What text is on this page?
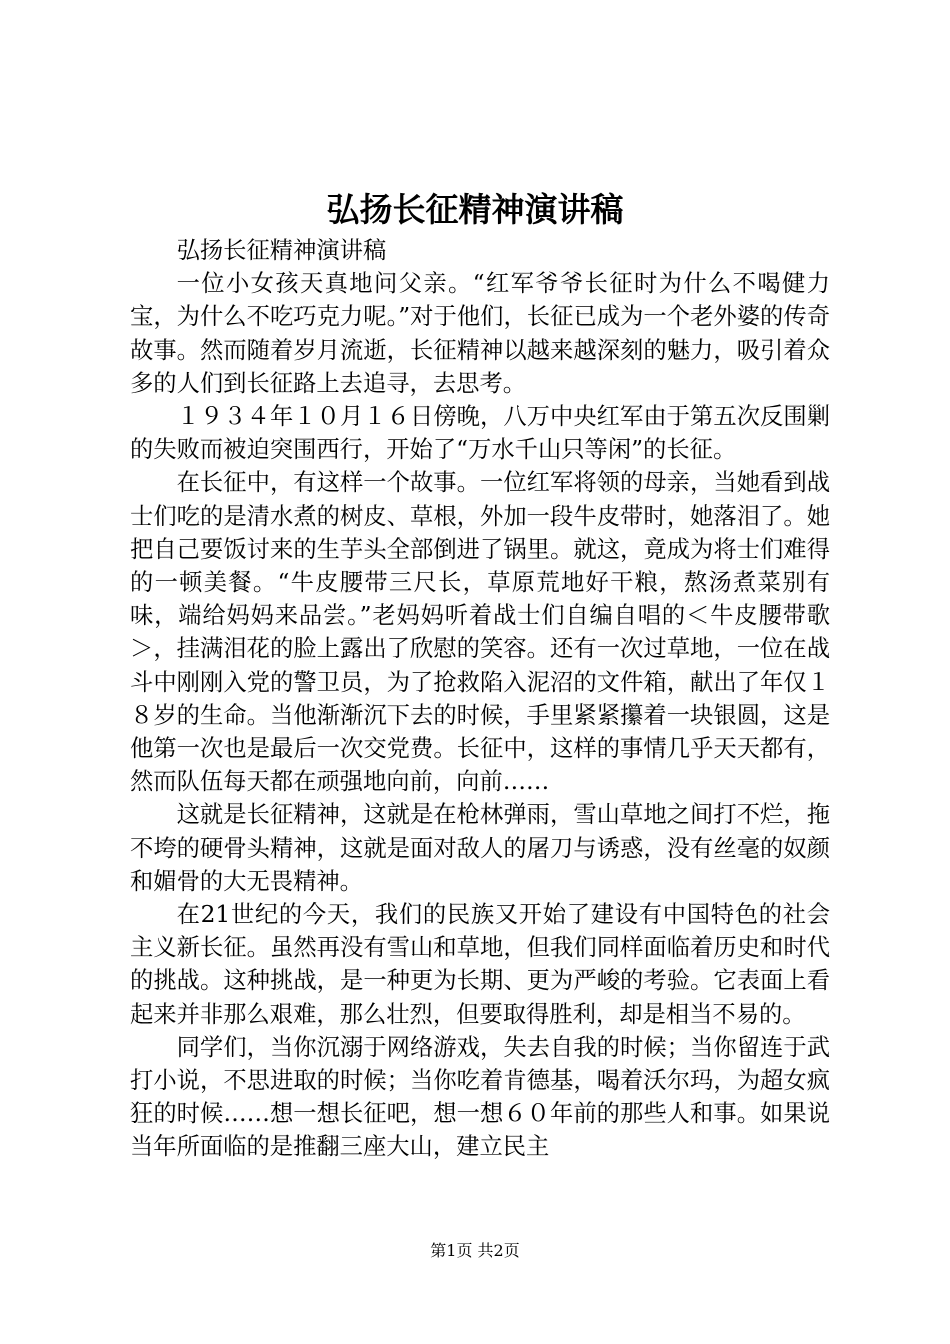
弘扬长征精神演讲稿

弘扬长征精神演讲稿

一位小女孩天真地问父亲。“红军爷爷长征时为什么不喝健力宝，为什么不吃巧克力呢。”对于他们，长征已成为一个老外婆的传奇故事。然而随着岁月流逝，长征精神以越来越深刻的魅力，吸引着众多的人们到长征路上去追寻，去思考。

１９３４年１０月１６日傍晚，八万中央红军由于第五次反围剿的失败而被迫突围西行，开始了“万水千山只等闲”的长征。

在长征中，有这样一个故事。一位红军将领的母亲，当她看到战士们吃的是清水煮的树皮、草根，外加一段牛皮带时，她落泪了。她把自己要饭讨来的生芋头全部倒进了锅里。就这，竟成为将士们难得的一顿美餐。“牛皮腰带三尺长，草原荒地好干粮，熬汤煮菜别有味，端给妈妈来品尝。”老妈妈听着战士们自编自唱的＜牛皮腰带歌＞，挂满泪花的脸上露出了欣慰的笑容。还有一次过草地，一位在战斗中刚刚入党的警卫员，为了抢救陷入泥沼的文件箱，献出了年仅１８岁的生命。当他渐渐沉下去的时候，手里紧紧攥着一块银圆，这是他第一次也是最后一次交党费。长征中，这样的事情几乎天天都有，然而队伍每天都在顽强地向前，向前……

这就是长征精神，这就是在枪林弹雨，雪山草地之间打不烂，拖不垮的硬骨头精神，这就是面对敌人的屠刀与诱惑，没有丝毫的奴颜和媚骨的大无畏精神。

在21世纪的今天，我们的民族又开始了建设有中国特色的社会主义新长征。虽然再没有雪山和草地，但我们同样面临着历史和时代的挑战。这种挑战，是一种更为长期、更为严峻的考验。它表面上看起来并非那么艰难，那么壮烈，但要取得胜利，却是相当不易的。

同学们，当你沉溺于网络游戏，失去自我的时候；当你留连于武打小说，不思进取的时候；当你吃着肯德基，喝着沃尔玛，为超女疯狂的时候……想一想长征吧，想一想６０年前的那些人和事。如果说当年所面临的是推翻三座大山，建立民主

第1页 共2页
